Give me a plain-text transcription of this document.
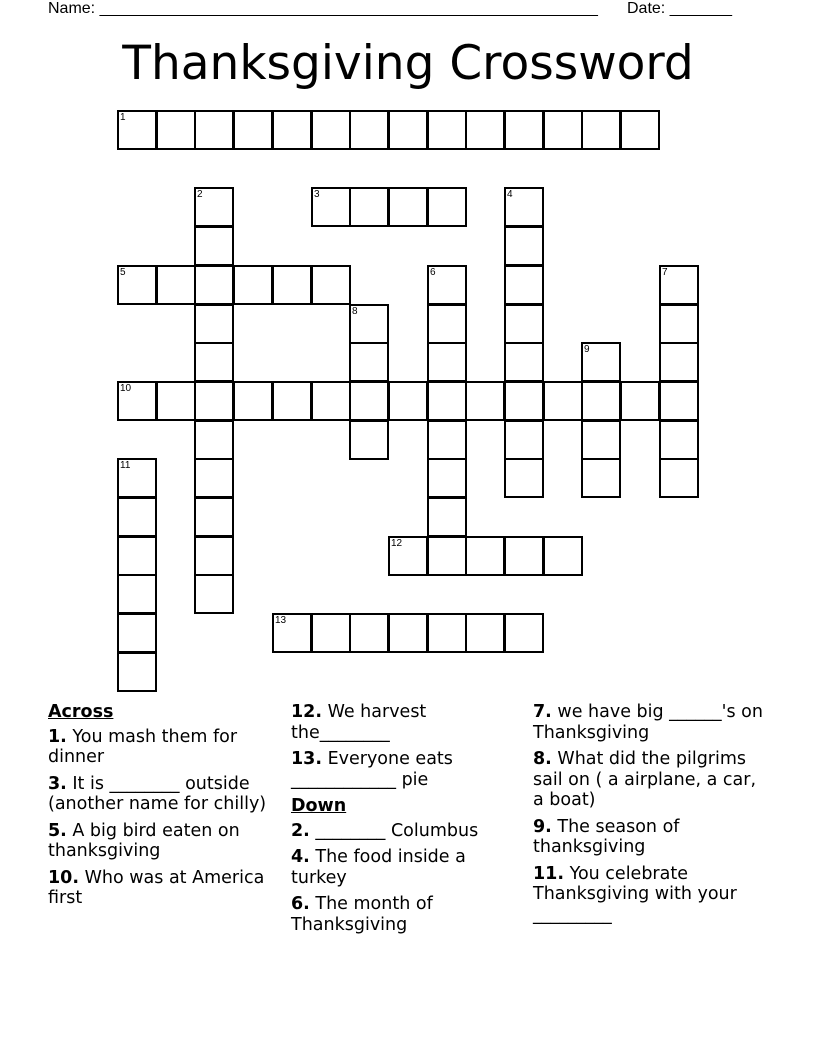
Name: ________________________________________________________ Date: _______
Thanksgiving Crossword
1
3
5
10
12
13
2	4
6	7
8
9
11
Across
1. You mash them for dinner
3. It is ________ outside (another name for chilly)
5. A big bird eaten on thanksgiving
10. Who was at America first
12. We harvest the________
13. Everyone eats ____________ pie
Down
2. ________ Columbus
4. The food inside a turkey
6. The month of Thanksgiving
7. we have big ______'s on Thanksgiving
8. What did the pilgrims sail on ( a airplane, a car, a boat)
9. The season of thanksgiving
11. You celebrate Thanksgiving with your _________
